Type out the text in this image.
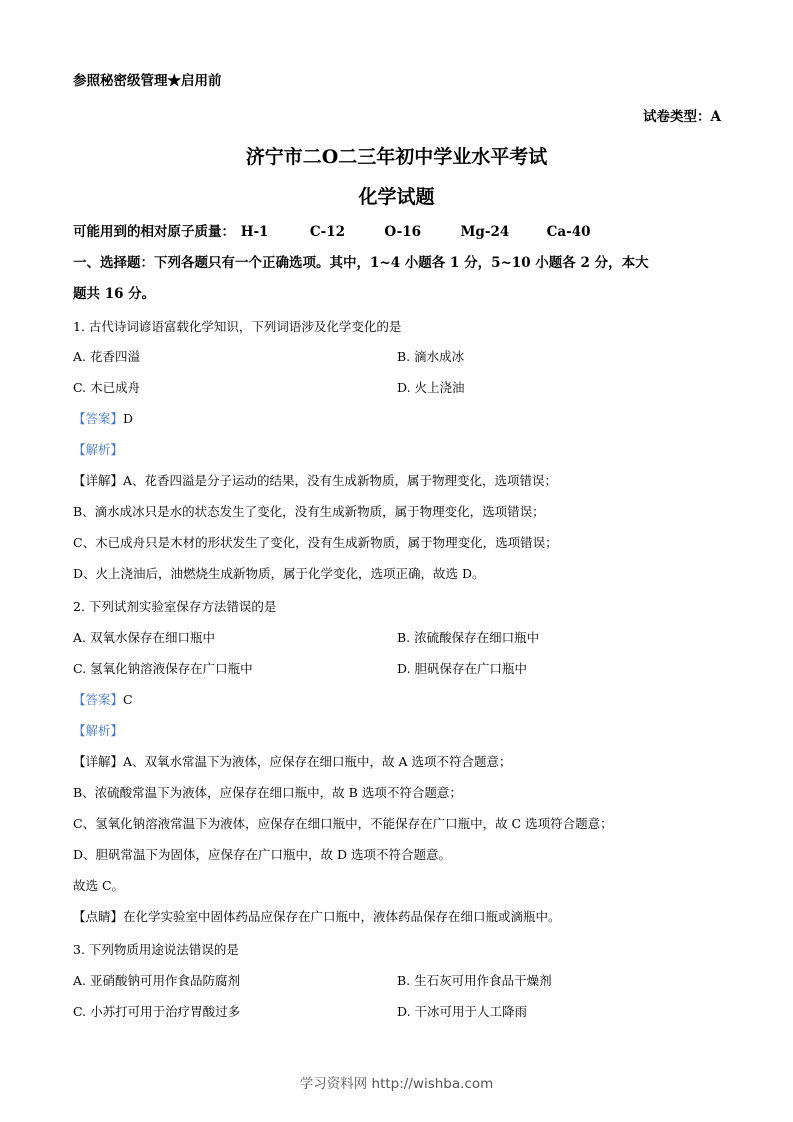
参照秘密级管理★启用前
试卷类型：A
济宁市二O二三年初中学业水平考试
化学试题
可能用到的相对原子质量： H-1	C-12	O-16	Mg-24	Ca-40
一、选择题：下列各题只有一个正确选项。其中，1~4 小题各 1 分，5~10 小题各 2 分，本大
题共 16 分。
1. 古代诗词谚语富载化学知识，下列词语涉及化学变化的是
A. 花香四溢	B. 滴水成冰
C. 木已成舟	D. 火上浇油
【答案】D
【解析】
【详解】A、花香四溢是分子运动的结果，没有生成新物质，属于物理变化，选项错误；
B、滴水成冰只是水的状态发生了变化，没有生成新物质，属于物理变化，选项错误；
C、木已成舟只是木材的形状发生了变化，没有生成新物质，属于物理变化，选项错误；
D、火上浇油后，油燃烧生成新物质，属于化学变化，选项正确，故选 D。
2. 下列试剂实验室保存方法错误的是
A. 双氧水保存在细口瓶中	B. 浓硫酸保存在细口瓶中
C. 氢氧化钠溶液保存在广口瓶中	D. 胆矾保存在广口瓶中
【答案】C
【解析】
【详解】A、双氧水常温下为液体，应保存在细口瓶中，故 A 选项不符合题意；
B、浓硫酸常温下为液体，应保存在细口瓶中，故 B 选项不符合题意；
C、氢氧化钠溶液常温下为液体，应保存在细口瓶中，不能保存在广口瓶中，故 C 选项符合题意；
D、胆矾常温下为固体，应保存在广口瓶中，故 D 选项不符合题意。
故选 C。
【点睛】在化学实验室中固体药品应保存在广口瓶中，液体药品保存在细口瓶或滴瓶中。
3. 下列物质用途说法错误的是
A. 亚硝酸钠可用作食品防腐剂	B. 生石灰可用作食品干燥剂
C. 小苏打可用于治疗胃酸过多	D. 干冰可用于人工降雨
学习资料网 http://wishba.com
